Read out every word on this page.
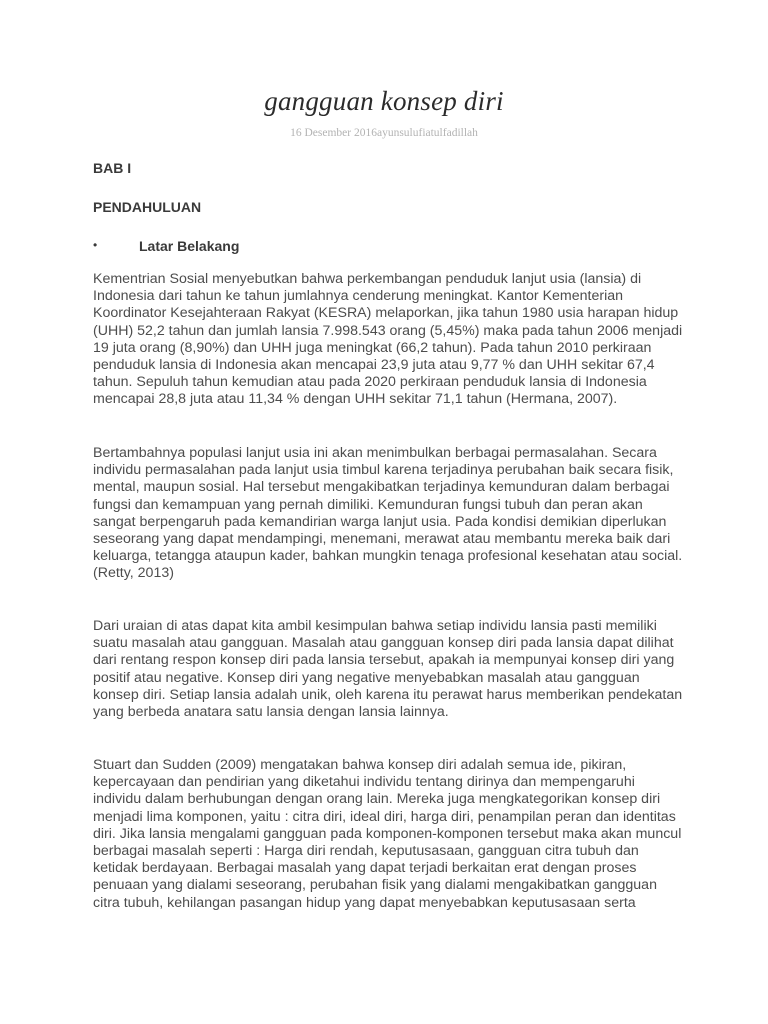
gangguan konsep diri
16 Desember 2016ayunsulufiatulfadillah
BAB I
PENDAHULUAN
•	Latar Belakang

Kementrian Sosial menyebutkan bahwa perkembangan penduduk lanjut usia (lansia) di Indonesia dari tahun ke tahun jumlahnya cenderung meningkat. Kantor Kementerian Koordinator Kesejahteraan Rakyat (KESRA) melaporkan, jika tahun 1980 usia harapan hidup (UHH) 52,2 tahun dan jumlah lansia 7.998.543 orang (5,45%) maka pada tahun 2006 menjadi 19 juta orang (8,90%) dan UHH juga meningkat (66,2 tahun). Pada tahun 2010 perkiraan penduduk lansia di Indonesia akan mencapai 23,9 juta atau 9,77 % dan UHH sekitar 67,4 tahun. Sepuluh tahun kemudian atau pada 2020 perkiraan penduduk lansia di Indonesia mencapai 28,8 juta atau 11,34 % dengan UHH sekitar 71,1 tahun (Hermana, 2007).

Bertambahnya populasi lanjut usia ini akan menimbulkan berbagai permasalahan. Secara individu permasalahan pada lanjut usia timbul karena terjadinya perubahan baik secara fisik, mental, maupun sosial. Hal tersebut mengakibatkan terjadinya kemunduran dalam berbagai fungsi dan kemampuan yang pernah dimiliki. Kemunduran fungsi tubuh dan peran akan sangat berpengaruh pada kemandirian warga lanjut usia. Pada kondisi demikian diperlukan seseorang yang dapat mendampingi, menemani, merawat atau membantu mereka baik dari keluarga, tetangga ataupun kader, bahkan mungkin tenaga profesional kesehatan atau social. (Retty, 2013)

Dari uraian di atas dapat kita ambil kesimpulan bahwa setiap individu lansia pasti memiliki suatu masalah atau gangguan. Masalah atau gangguan konsep diri pada lansia dapat dilihat dari rentang respon konsep diri pada lansia tersebut, apakah ia mempunyai konsep diri yang positif atau negative. Konsep diri yang negative menyebabkan masalah atau gangguan konsep diri. Setiap lansia adalah unik, oleh karena itu perawat harus memberikan pendekatan yang berbeda anatara satu lansia dengan lansia lainnya.

Stuart dan Sudden (2009) mengatakan bahwa konsep diri adalah semua ide, pikiran, kepercayaan dan pendirian yang diketahui individu tentang dirinya dan mempengaruhi individu dalam berhubungan dengan orang lain. Mereka juga mengkategorikan konsep diri menjadi lima komponen, yaitu : citra diri, ideal diri, harga diri, penampilan peran dan identitas diri. Jika lansia mengalami gangguan pada komponen-komponen tersebut maka akan muncul berbagai masalah seperti : Harga diri rendah, keputusasaan, gangguan citra tubuh dan ketidak berdayaan. Berbagai masalah yang dapat terjadi berkaitan erat dengan proses penuaan yang dialami seseorang, perubahan fisik yang dialami mengakibatkan gangguan citra tubuh, kehilangan pasangan hidup yang dapat menyebabkan keputusasaan serta
